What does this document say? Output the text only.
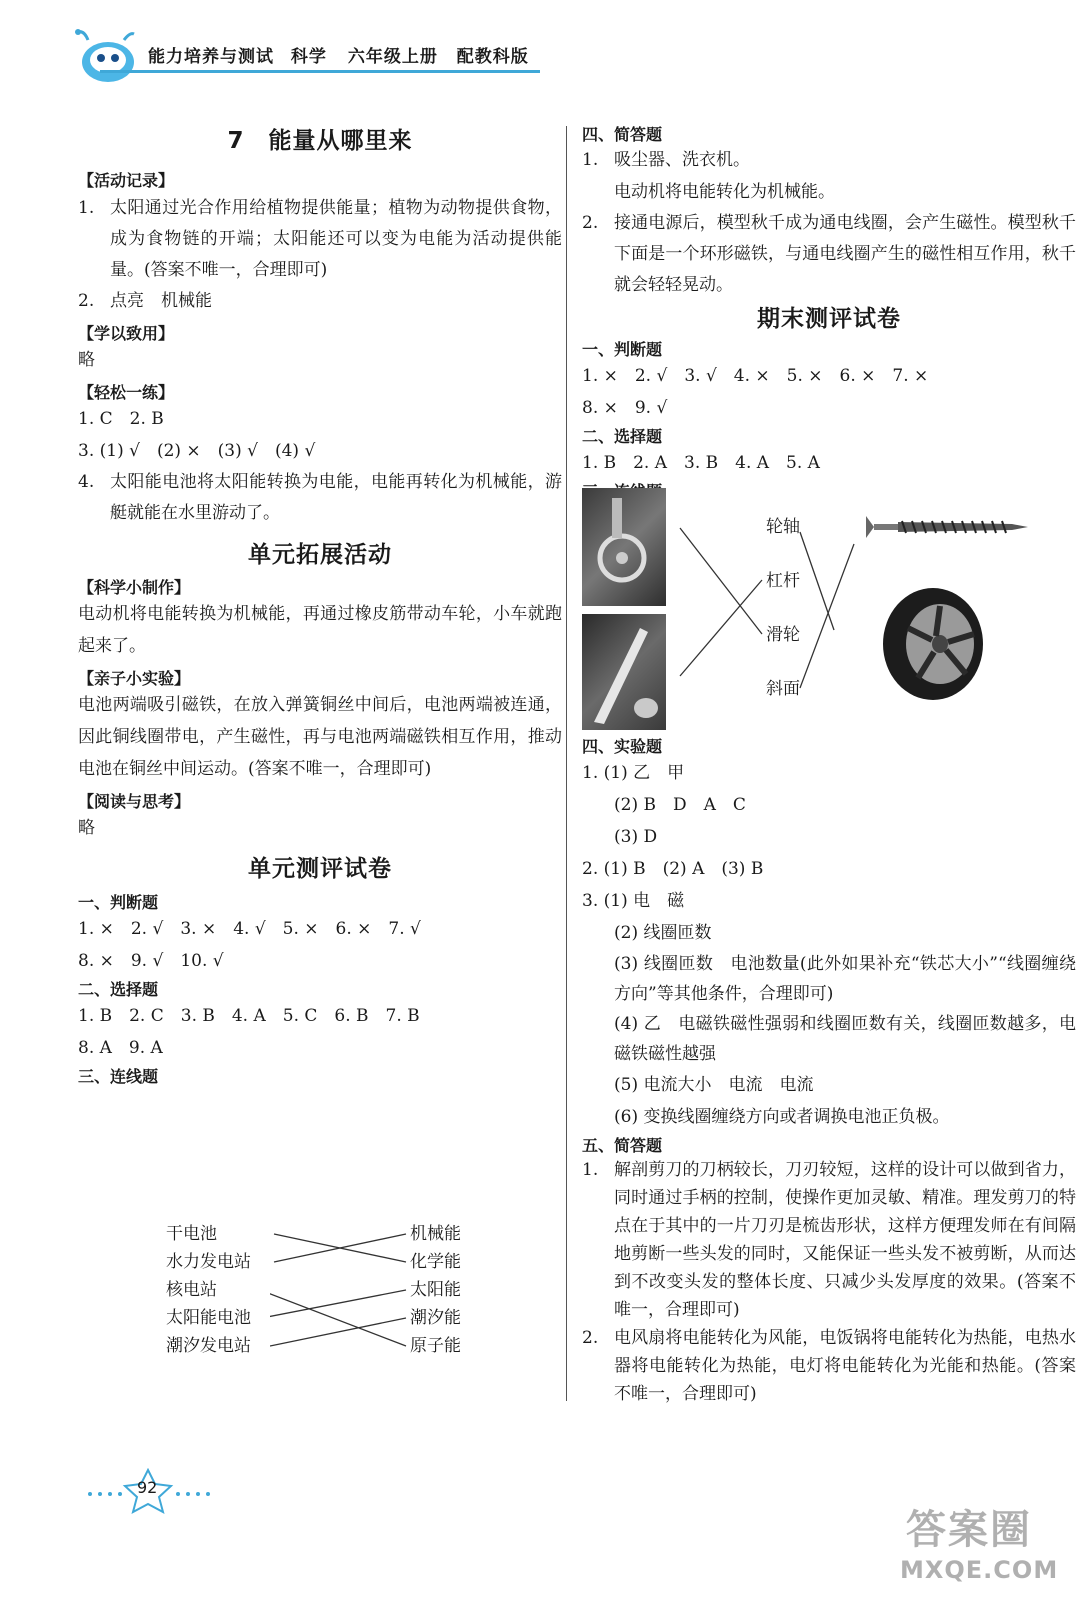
能力培养与测试 科学 六年级上册 配教科版
7　能量从哪里来
【活动记录】
1. 太阳通过光合作用给植物提供能量；植物为动物提供食物，成为食物链的开端；太阳能还可以变为电能为活动提供能量。(答案不唯一，合理即可)
2. 点亮　机械能
【学以致用】
略
【轻松一练】
1. C　2. B
3. (1) √　(2) ×　(3) √　(4) √
4. 太阳能电池将太阳能转换为电能，电能再转化为机械能，游艇就能在水里游动了。
单元拓展活动
【科学小制作】
电动机将电能转换为机械能，再通过橡皮筋带动车轮，小车就跑起来了。
【亲子小实验】
电池两端吸引磁铁，在放入弹簧铜丝中间后，电池两端被连通，因此铜线圈带电，产生磁性，再与电池两端磁铁相互作用，推动电池在铜丝中间运动。(答案不唯一，合理即可)
【阅读与思考】
略
单元测评试卷
一、判断题
1. ×　2. √　3. ×　4. √　5. ×　6. ×　7. √
8. ×　9. √　10. √
二、选择题
1. B　2. C　3. B　4. A　5. C　6. B　7. B
8. A　9. A
三、连线题
干电池
水力发电站
核电站
太阳能电池
潮汐发电站
机械能
化学能
太阳能
潮汐能
原子能
四、简答题
1. 吸尘器、洗衣机。
电动机将电能转化为机械能。
2. 接通电源后，模型秋千成为通电线圈，会产生磁性。模型秋千下面是一个环形磁铁，与通电线圈产生的磁性相互作用，秋千就会轻轻晃动。
期末测评试卷
一、判断题
1. ×　2. √　3. √　4. ×　5. ×　6. ×　7. ×
8. ×　9. √
二、选择题
1. B　2. A　3. B　4. A　5. A
轮轴
杠杆
滑轮
斜面
四、实验题
1. (1) 乙　甲
(2) B　D　A　C
(3) D
2. (1) B　(2) A　(3) B
3. (1) 电　磁
(2) 线圈匝数
(3) 线圈匝数　电池数量(此外如果补充“铁芯大小”“线圈缠绕方向”等其他条件，合理即可)
(4) 乙　电磁铁磁性强弱和线圈匝数有关，线圈匝数越多，电磁铁磁性越强
(5) 电流大小　电流　电流
(6) 变换线圈缠绕方向或者调换电池正负极。
五、简答题
1. 解剖剪刀的刀柄较长，刀刃较短，这样的设计可以做到省力，同时通过手柄的控制，使操作更加灵敏、精准。理发剪刀的特点在于其中的一片刀刃是梳齿形状，这样方便理发师在有间隔地剪断一些头发的同时，又能保证一些头发不被剪断，从而达到不改变头发的整体长度、只减少头发厚度的效果。(答案不唯一，合理即可)
2. 电风扇将电能转化为风能，电饭锅将电能转化为热能，电热水器将电能转化为热能，电灯将电能转化为光能和热能。(答案不唯一，合理即可)
92
答案圈
MXQE.COM
